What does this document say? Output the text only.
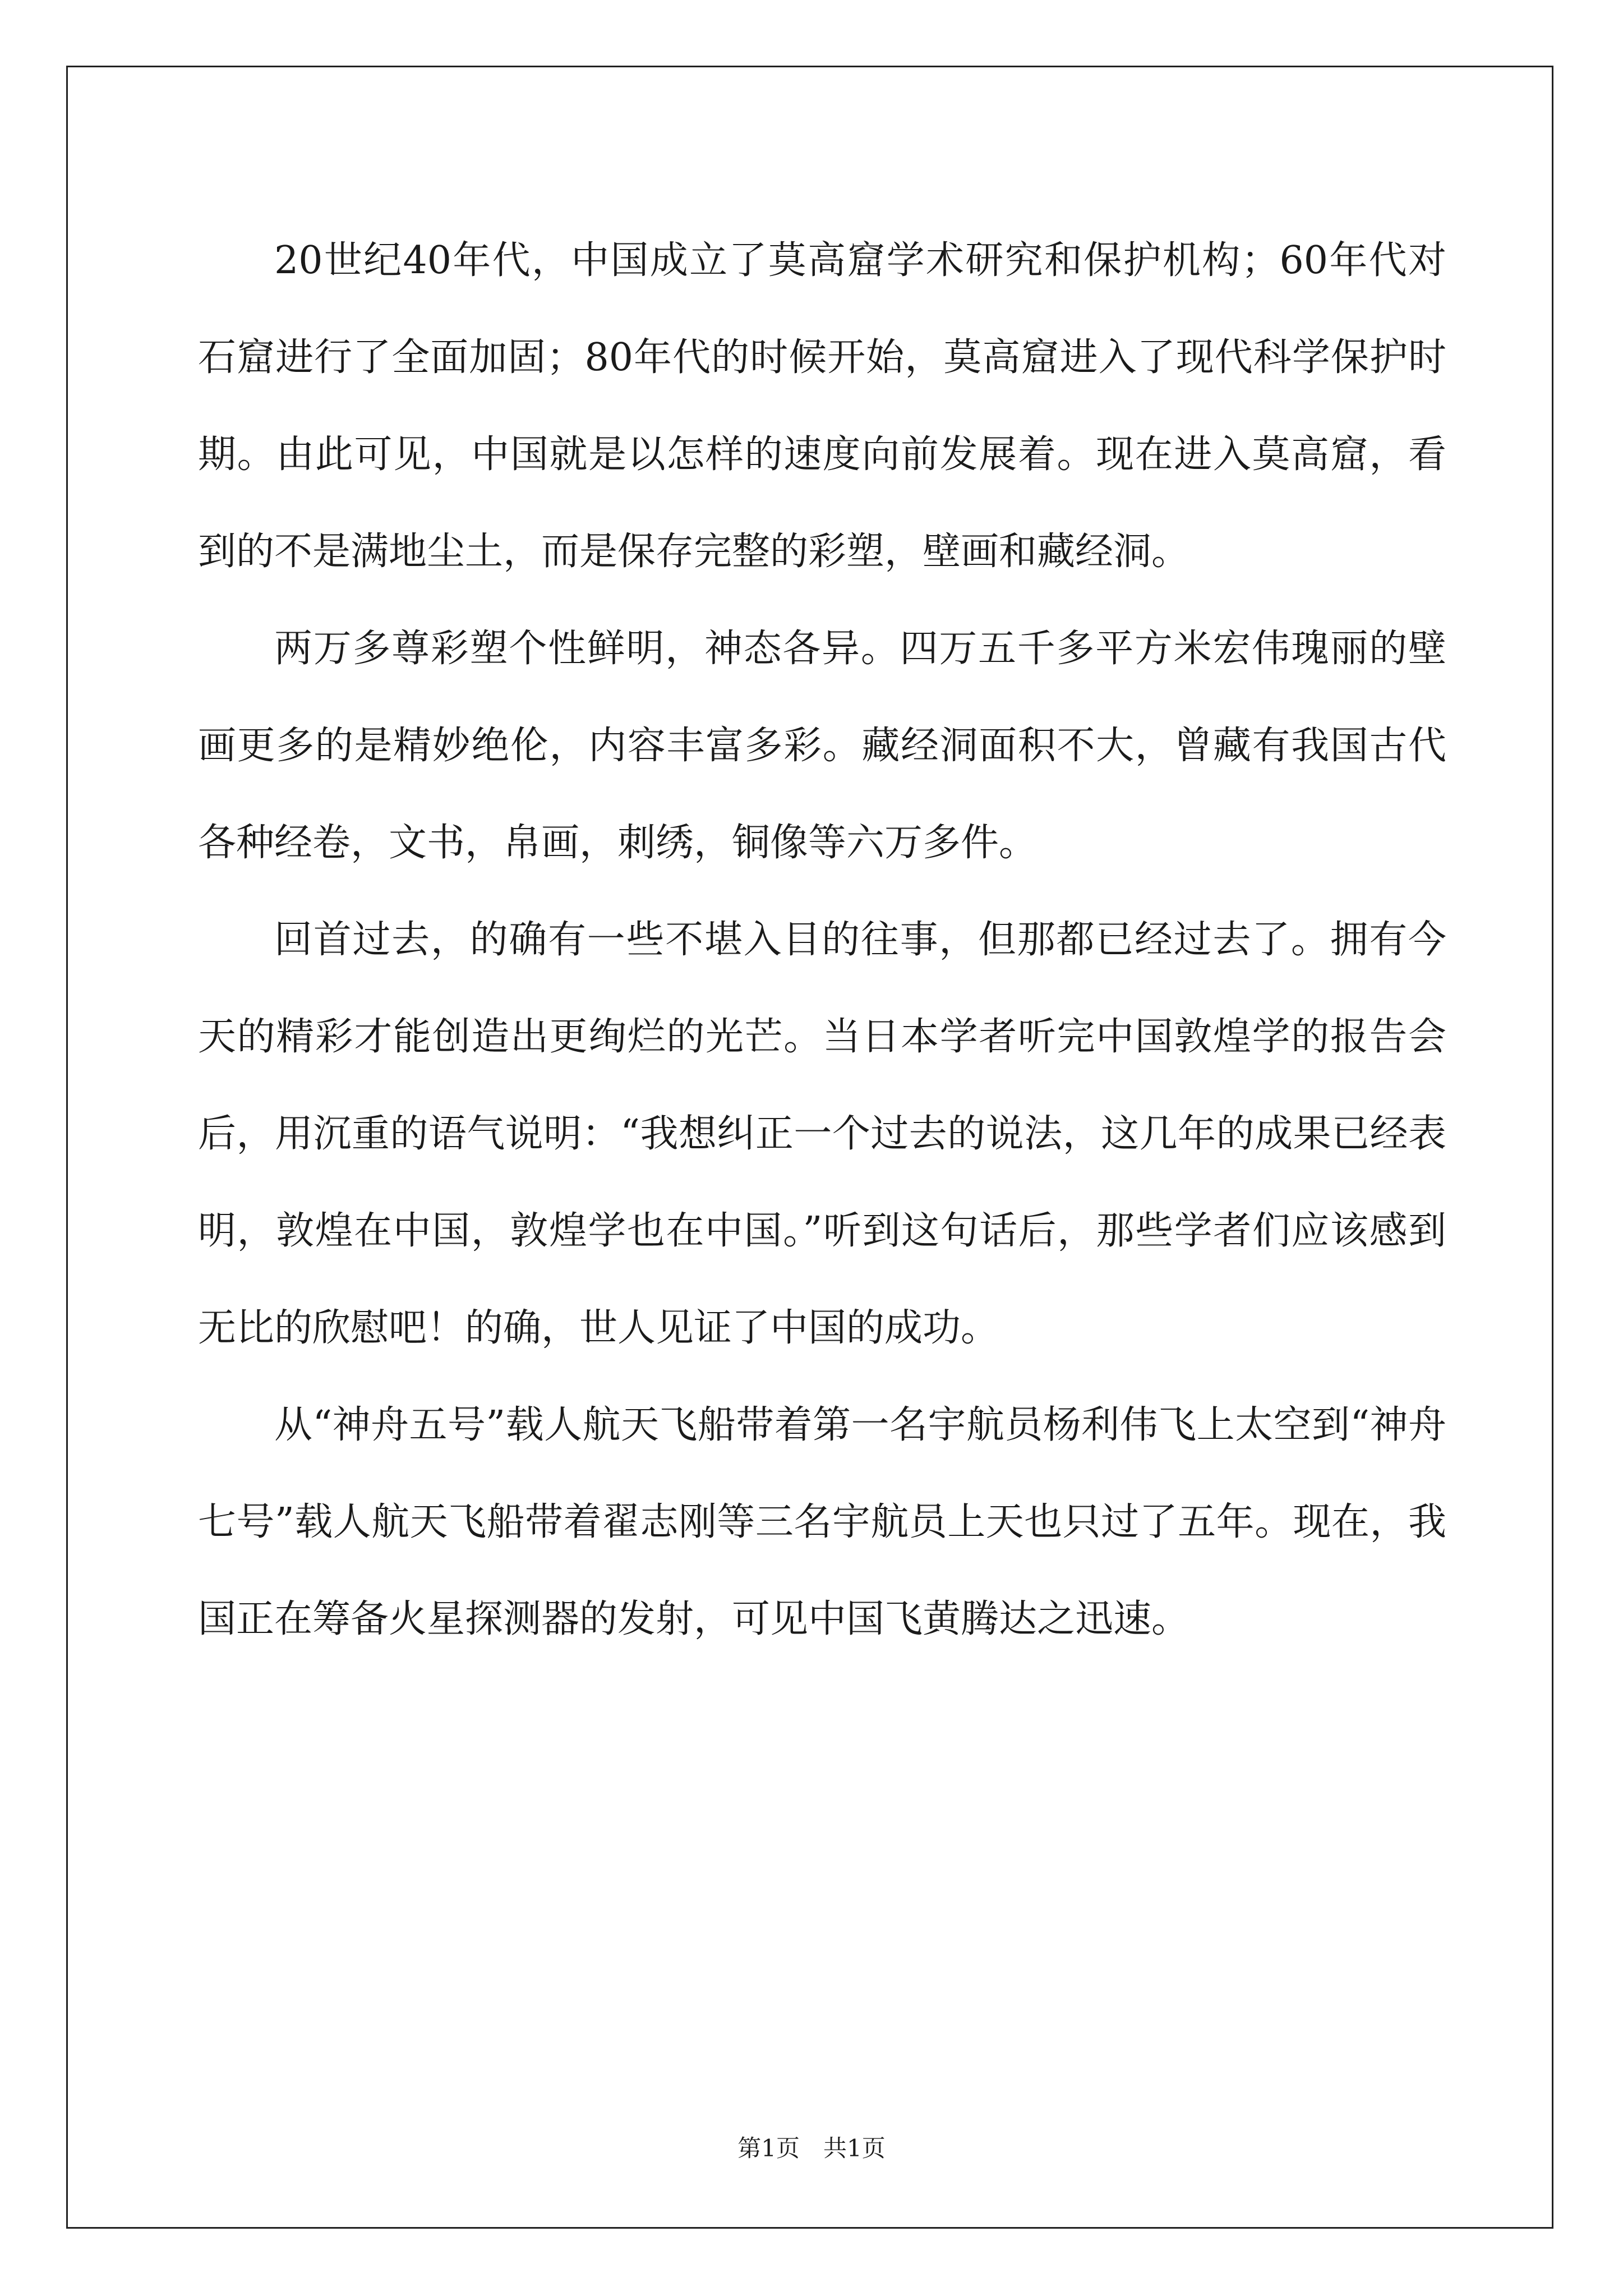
20世纪40年代，中国成立了莫高窟学术研究和保护机构；60年代对石窟进行了全面加固；80年代的时候开始，莫高窟进入了现代科学保护时期。由此可见，中国就是以怎样的速度向前发展着。现在进入莫高窟，看到的不是满地尘土，而是保存完整的彩塑，壁画和藏经洞。

两万多尊彩塑个性鲜明，神态各异。四万五千多平方米宏伟瑰丽的壁画更多的是精妙绝伦，内容丰富多彩。藏经洞面积不大，曾藏有我国古代各种经卷，文书，帛画，刺绣，铜像等六万多件。

回首过去，的确有一些不堪入目的往事，但那都已经过去了。拥有今天的精彩才能创造出更绚烂的光芒。当日本学者听完中国敦煌学的报告会后，用沉重的语气说明：“我想纠正一个过去的说法，这几年的成果已经表明，敦煌在中国，敦煌学也在中国。”听到这句话后，那些学者们应该感到无比的欣慰吧！的确，世人见证了中国的成功。

从“神舟五号”载人航天飞船带着第一名宇航员杨利伟飞上太空到“神舟七号”载人航天飞船带着翟志刚等三名宇航员上天也只过了五年。现在，我国正在筹备火星探测器的发射，可见中国飞黄腾达之迅速。

第1页　共1页
